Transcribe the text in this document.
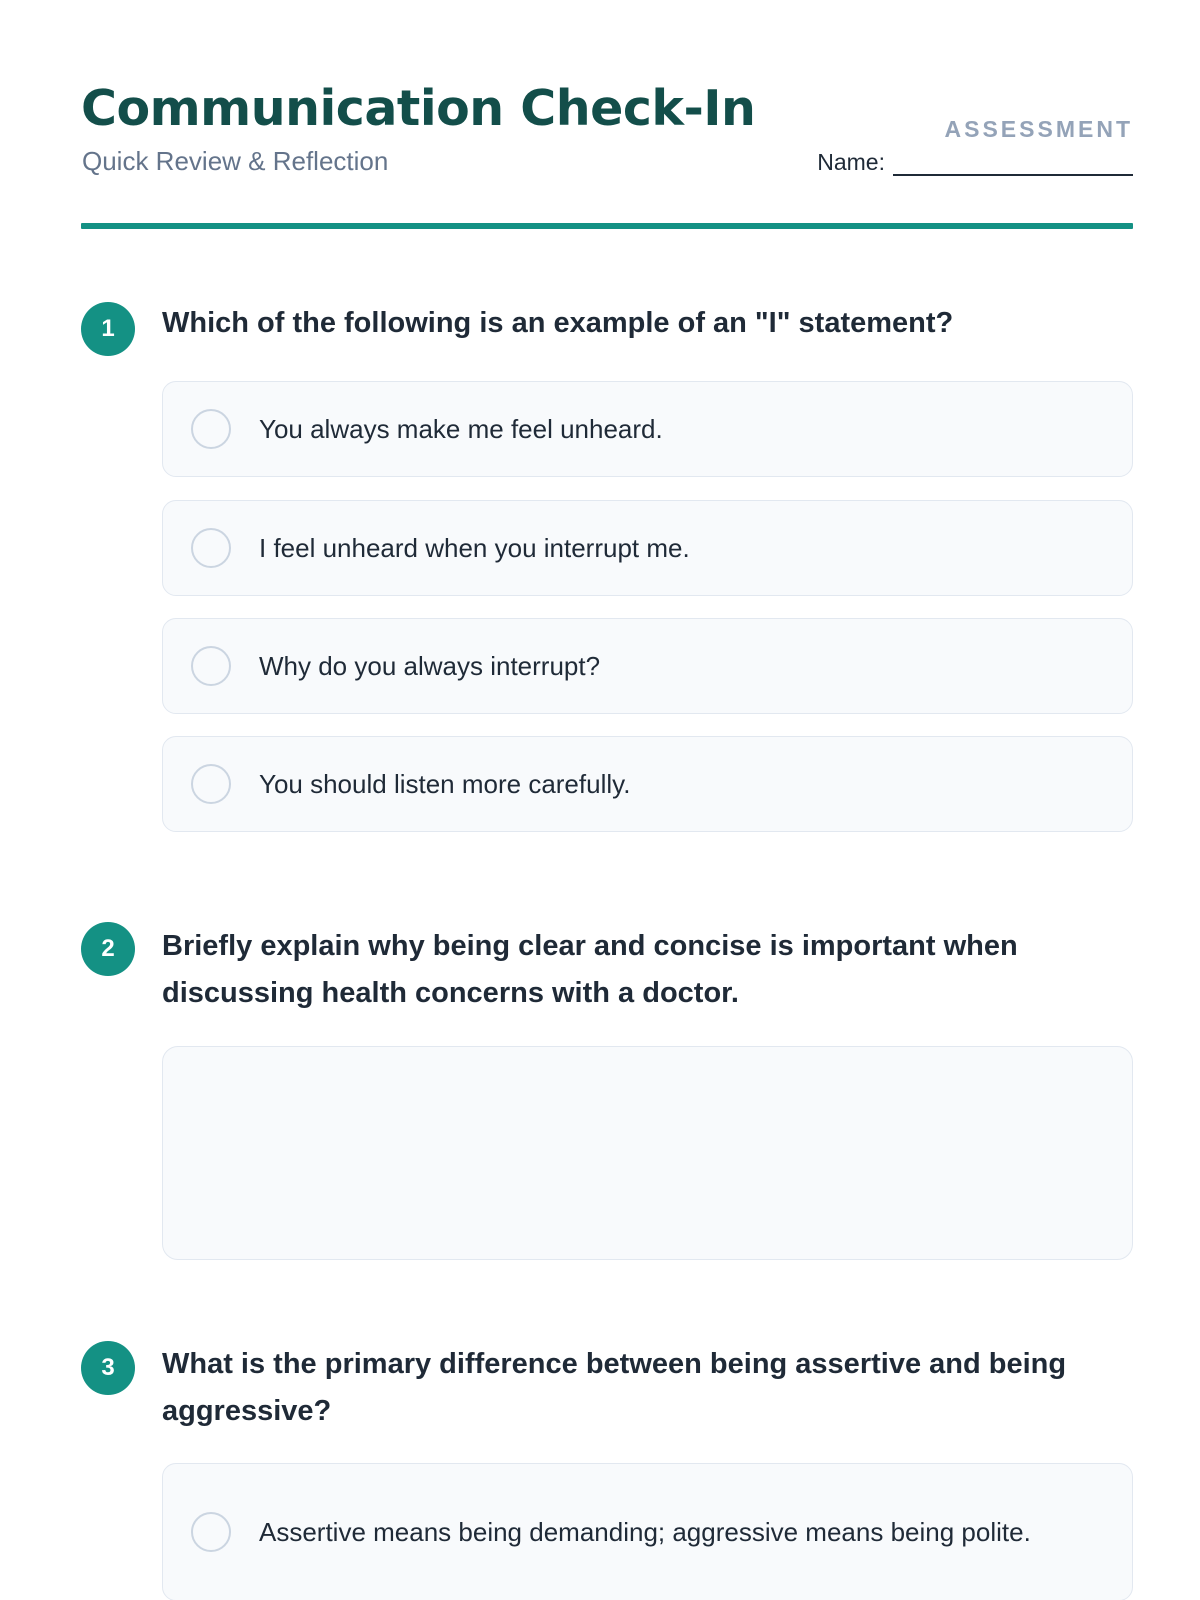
Communication Check-In
Quick Review & Reflection
ASSESSMENT
Name:
1	Which of the following is an example of an "I" statement?
You always make me feel unheard.
I feel unheard when you interrupt me.
Why do you always interrupt?
You should listen more carefully.
2	Briefly explain why being clear and concise is important when discussing health concerns with a doctor.
3	What is the primary difference between being assertive and being aggressive?
Assertive means being demanding; aggressive means being polite.
